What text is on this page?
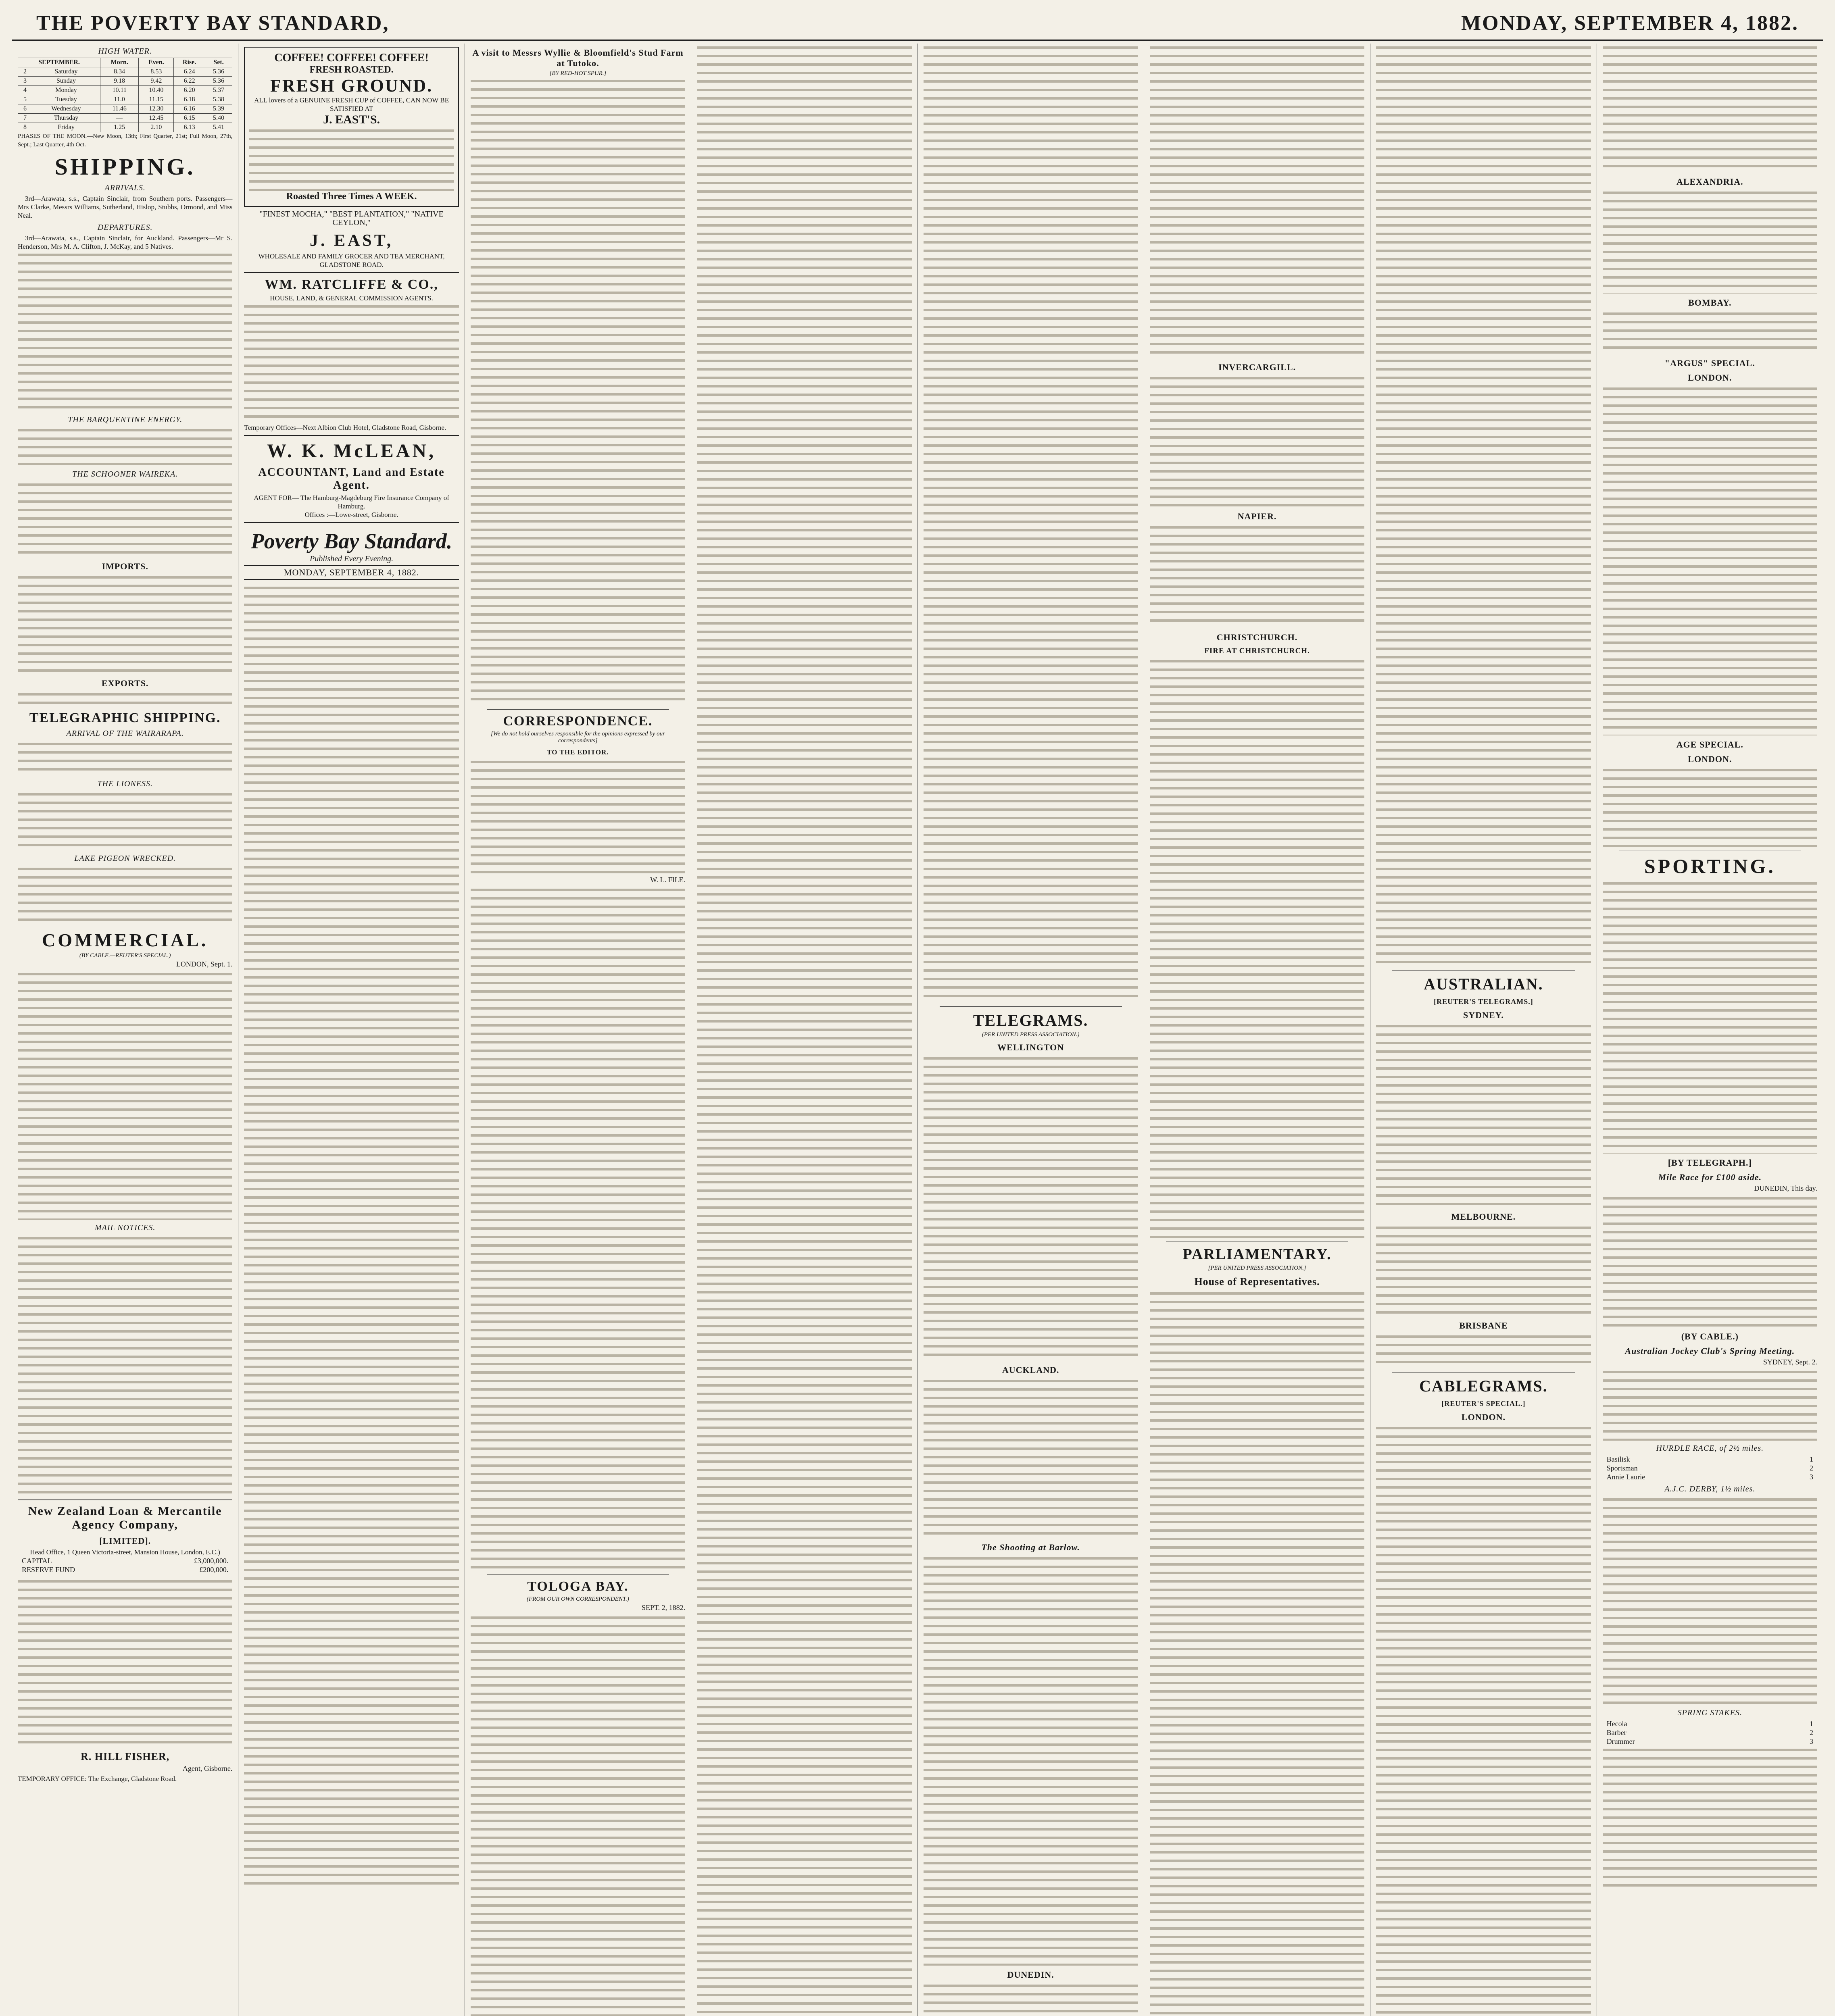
THE POVERTY BAY STANDARD,	MONDAY, SEPTEMBER 4, 1882.
HIGH WATER.
SEPTEMBER.		Morn.	Even.	Rise.	Set.
2	Saturday	8.34	8.53	6.24	5.36
3	Sunday	9.18	9.42	6.22	5.36
4	Monday	10.11	10.40	6.20	5.37
5	Tuesday	11.0	11.15	6.18	5.38
6	Wednesday	11.46	12.30	6.16	5.39
7	Thursday	—	12.45	6.15	5.40
8	Friday	1.25	2.10	6.13	5.41

PHASES OF THE MOON.—New Moon, 13th; First Quarter, 21st; Full Moon, 27th, Sept.; Last Quarter, 4th Oct.

SHIPPING.
ARRIVALS.

3rd—Arawata, s.s., Captain Sinclair, from Southern ports. Passengers—Mrs Clarke, Messrs Williams, Sutherland, Hislop, Stubbs, Ormond, and Miss Neal.

DEPARTURES.

3rd—Arawata, s.s., Captain Sinclair, for Auckland. Passengers—Mr S. Henderson, Mrs M. A. Clifton, J. McKay, and 5 Natives.

THE BARQUENTINE ENERGY.
THE SCHOONER WAIREKA.
IMPORTS.
EXPORTS.
TELEGRAPHIC SHIPPING.
ARRIVAL OF THE WAIRARAPA.
THE LIONESS.
LAKE PIGEON WRECKED.
COMMERCIAL.
(BY CABLE.—REUTER'S SPECIAL.)
LONDON, Sept. 1.
MAIL NOTICES.
New Zealand Loan & Mercantile Agency Company,
[LIMITED].

Head Office, 1 Queen Victoria-street, Mansion House, London, E.C.)

CAPITAL	£3,000,000.
RESERVE FUND	£200,000.
R. HILL FISHER,
Agent, Gisborne.

TEMPORARY OFFICE: The Exchange, Gladstone Road.

COFFEE! COFFEE! COFFEE!
FRESH ROASTED.
FRESH GROUND.
ALL lovers of a GENUINE FRESH CUP of COFFEE, CAN NOW BE SATISFIED AT
J. EAST'S.
Roasted Three Times A WEEK.

"FINEST MOCHA," "BEST PLANTATION," "NATIVE CEYLON,"

J. EAST,

WHOLESALE AND FAMILY GROCER AND TEA MERCHANT,

GLADSTONE ROAD.

WM. RATCLIFFE & CO.,

HOUSE, LAND, & GENERAL COMMISSION AGENTS.

Temporary Offices—Next Albion Club Hotel, Gladstone Road, Gisborne.

W. K. McLEAN,
ACCOUNTANT, Land and Estate Agent.

AGENT FOR— The Hamburg-Magdeburg Fire Insurance Company of Hamburg.

Offices :—Lowe-street, Gisborne.

Poverty Bay Standard.
Published Every Evening.
MONDAY, SEPTEMBER 4, 1882.
A visit to Messrs Wyllie & Bloomfield's Stud Farm at Tutoko.
[BY RED-HOT SPUR.]
CORRESPONDENCE.
[We do not hold ourselves responsible for the opinions expressed by our correspondents]
TO THE EDITOR.
W. L. FILE.
TOLOGA BAY.
(FROM OUR OWN CORRESPONDENT.)
SEPT. 2, 1882.
TELEGRAMS.
(PER UNITED PRESS ASSOCIATION.)
WELLINGTON
AUCKLAND.
The Shooting at Barlow.
DUNEDIN.
INVERCARGILL.
NAPIER.
CHRISTCHURCH.
FIRE AT CHRISTCHURCH.
PARLIAMENTARY.
[PER UNITED PRESS ASSOCIATION.]
House of Representatives.
AUSTRALIAN.
[REUTER'S TELEGRAMS.]
SYDNEY.
MELBOURNE.
BRISBANE
CABLEGRAMS.
[REUTER'S SPECIAL.]
LONDON.
ALEXANDRIA.
BOMBAY.
"ARGUS" SPECIAL.
LONDON.
AGE SPECIAL.
LONDON.
SPORTING.
[BY TELEGRAPH.]
Mile Race for £100 aside.
DUNEDIN, This day.
(BY CABLE.)
Australian Jockey Club's Spring Meeting.
SYDNEY, Sept. 2.
HURDLE RACE, of 2½ miles.
Basilisk	1
Sportsman	2
Annie Laurie	3
A.J.C. DERBY, 1½ miles.
SPRING STAKES.
Hecola	1
Barber	2
Drummer	3
